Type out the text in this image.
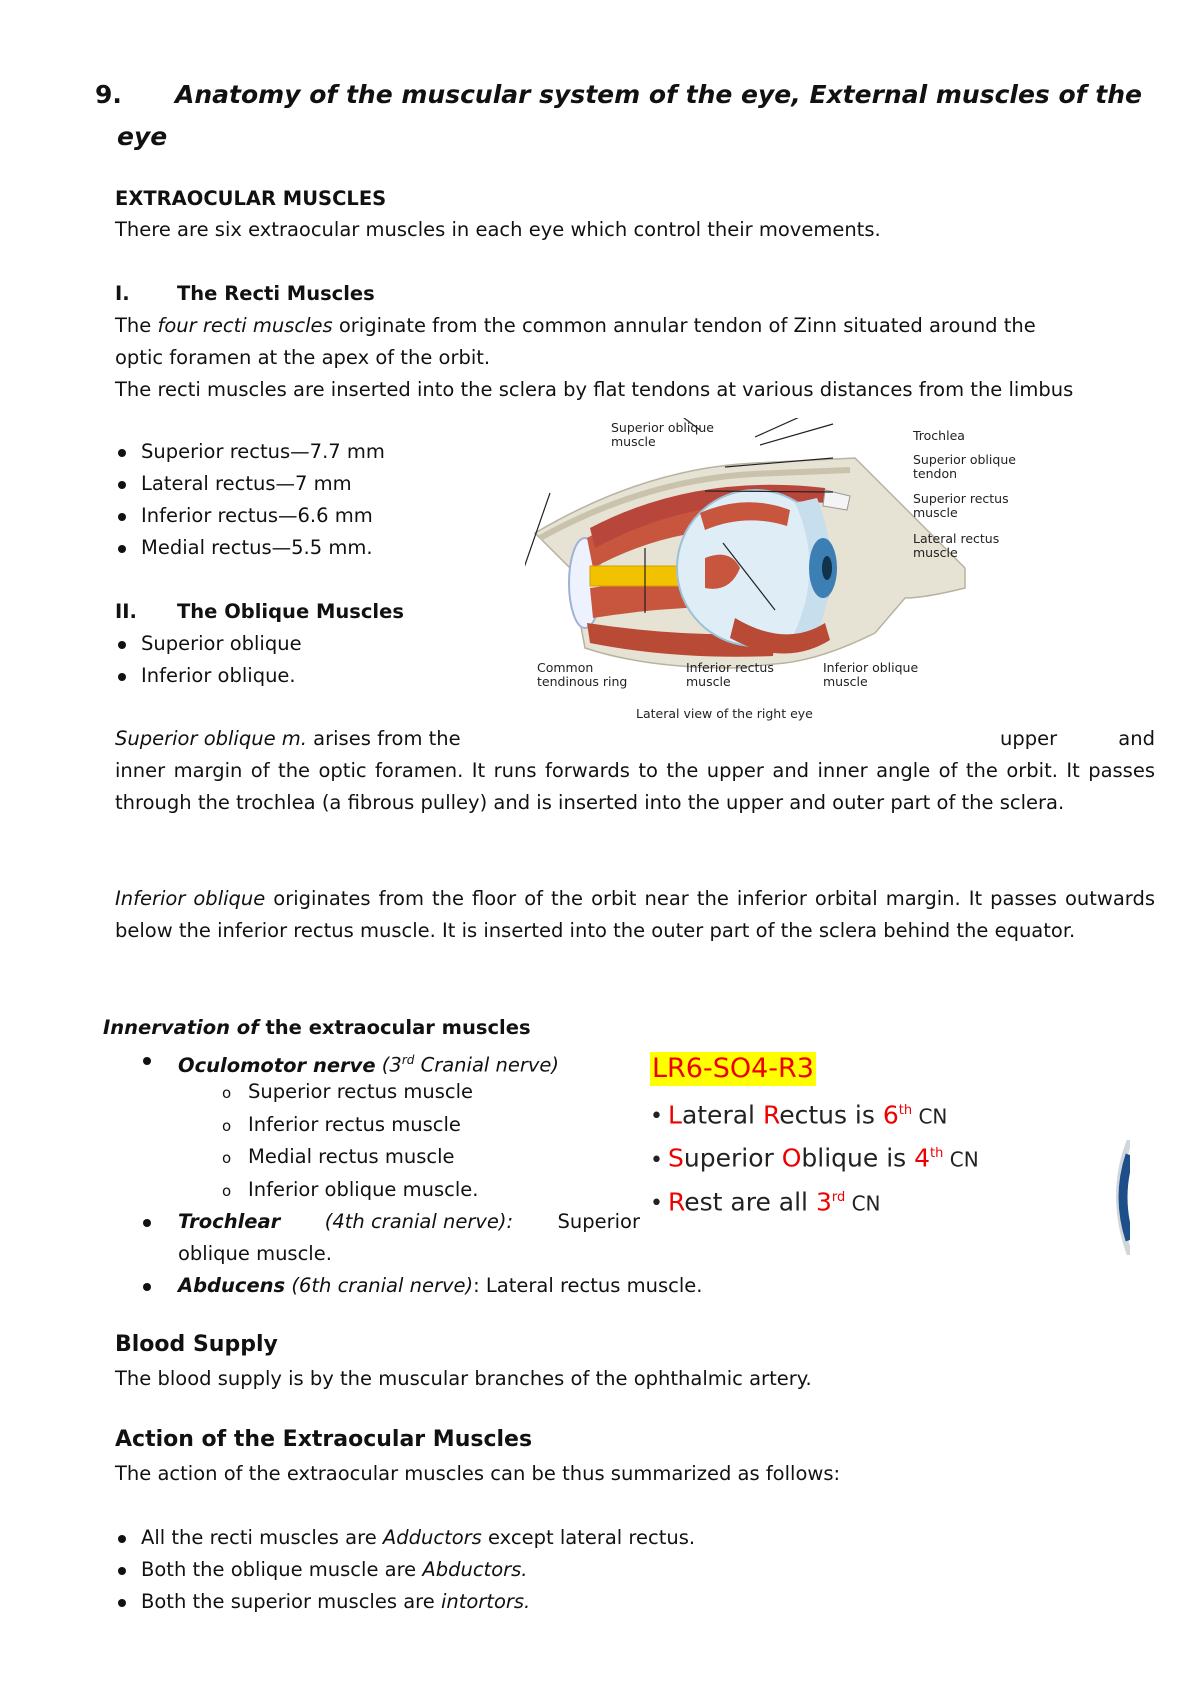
9. Anatomy of the muscular system of the eye, External muscles of the
eye
EXTRAOCULAR MUSCLES
There are six extraocular muscles in each eye which control their movements.
I. The Recti Muscles
The four recti muscles originate from the common annular tendon of Zinn situated around the
optic foramen at the apex of the orbit.
The recti muscles are inserted into the sclera by flat tendons at various distances from the limbus
Superior rectus—7.7 mm
Lateral rectus—7 mm
Inferior rectus—6.6 mm
Medial rectus—5.5 mm.
II. The Oblique Muscles
Superior oblique
Inferior oblique.
Superior oblique
muscle	Trochlea
Superior oblique
tendon
Superior rectus
muscle
Lateral rectus
muscle
Common
tendinous ring
Inferior rectus
muscle
Inferior oblique
muscle
Lateral view of the right eye
Superior oblique m. arises from the	upper and
inner margin of the optic foramen. It runs forwards to the upper and inner angle of the orbit. It passes through the trochlea (a fibrous pulley) and is inserted into the upper and outer part of the sclera.
Inferior oblique originates from the floor of the orbit near the inferior orbital margin. It passes outwards below the inferior rectus muscle. It is inserted into the outer part of the sclera behind the equator.
Innervation of the extraocular muscles
Oculomotor nerve (3rd Cranial nerve)
o Superior rectus muscle
o Inferior rectus muscle
o Medial rectus muscle
o Inferior oblique muscle.
Trochlear (4th cranial nerve): Superior
oblique muscle.
Abducens (6th cranial nerve): Lateral rectus muscle.
LR6-SO4-R3
• Lateral Rectus is 6th CN
• Superior Oblique is 4th CN
• Rest are all 3rd CN
Blood Supply
The blood supply is by the muscular branches of the ophthalmic artery.
Action of the Extraocular Muscles
The action of the extraocular muscles can be thus summarized as follows:
All the recti muscles are Adductors except lateral rectus.
Both the oblique muscle are Abductors.
Both the superior muscles are intortors.
